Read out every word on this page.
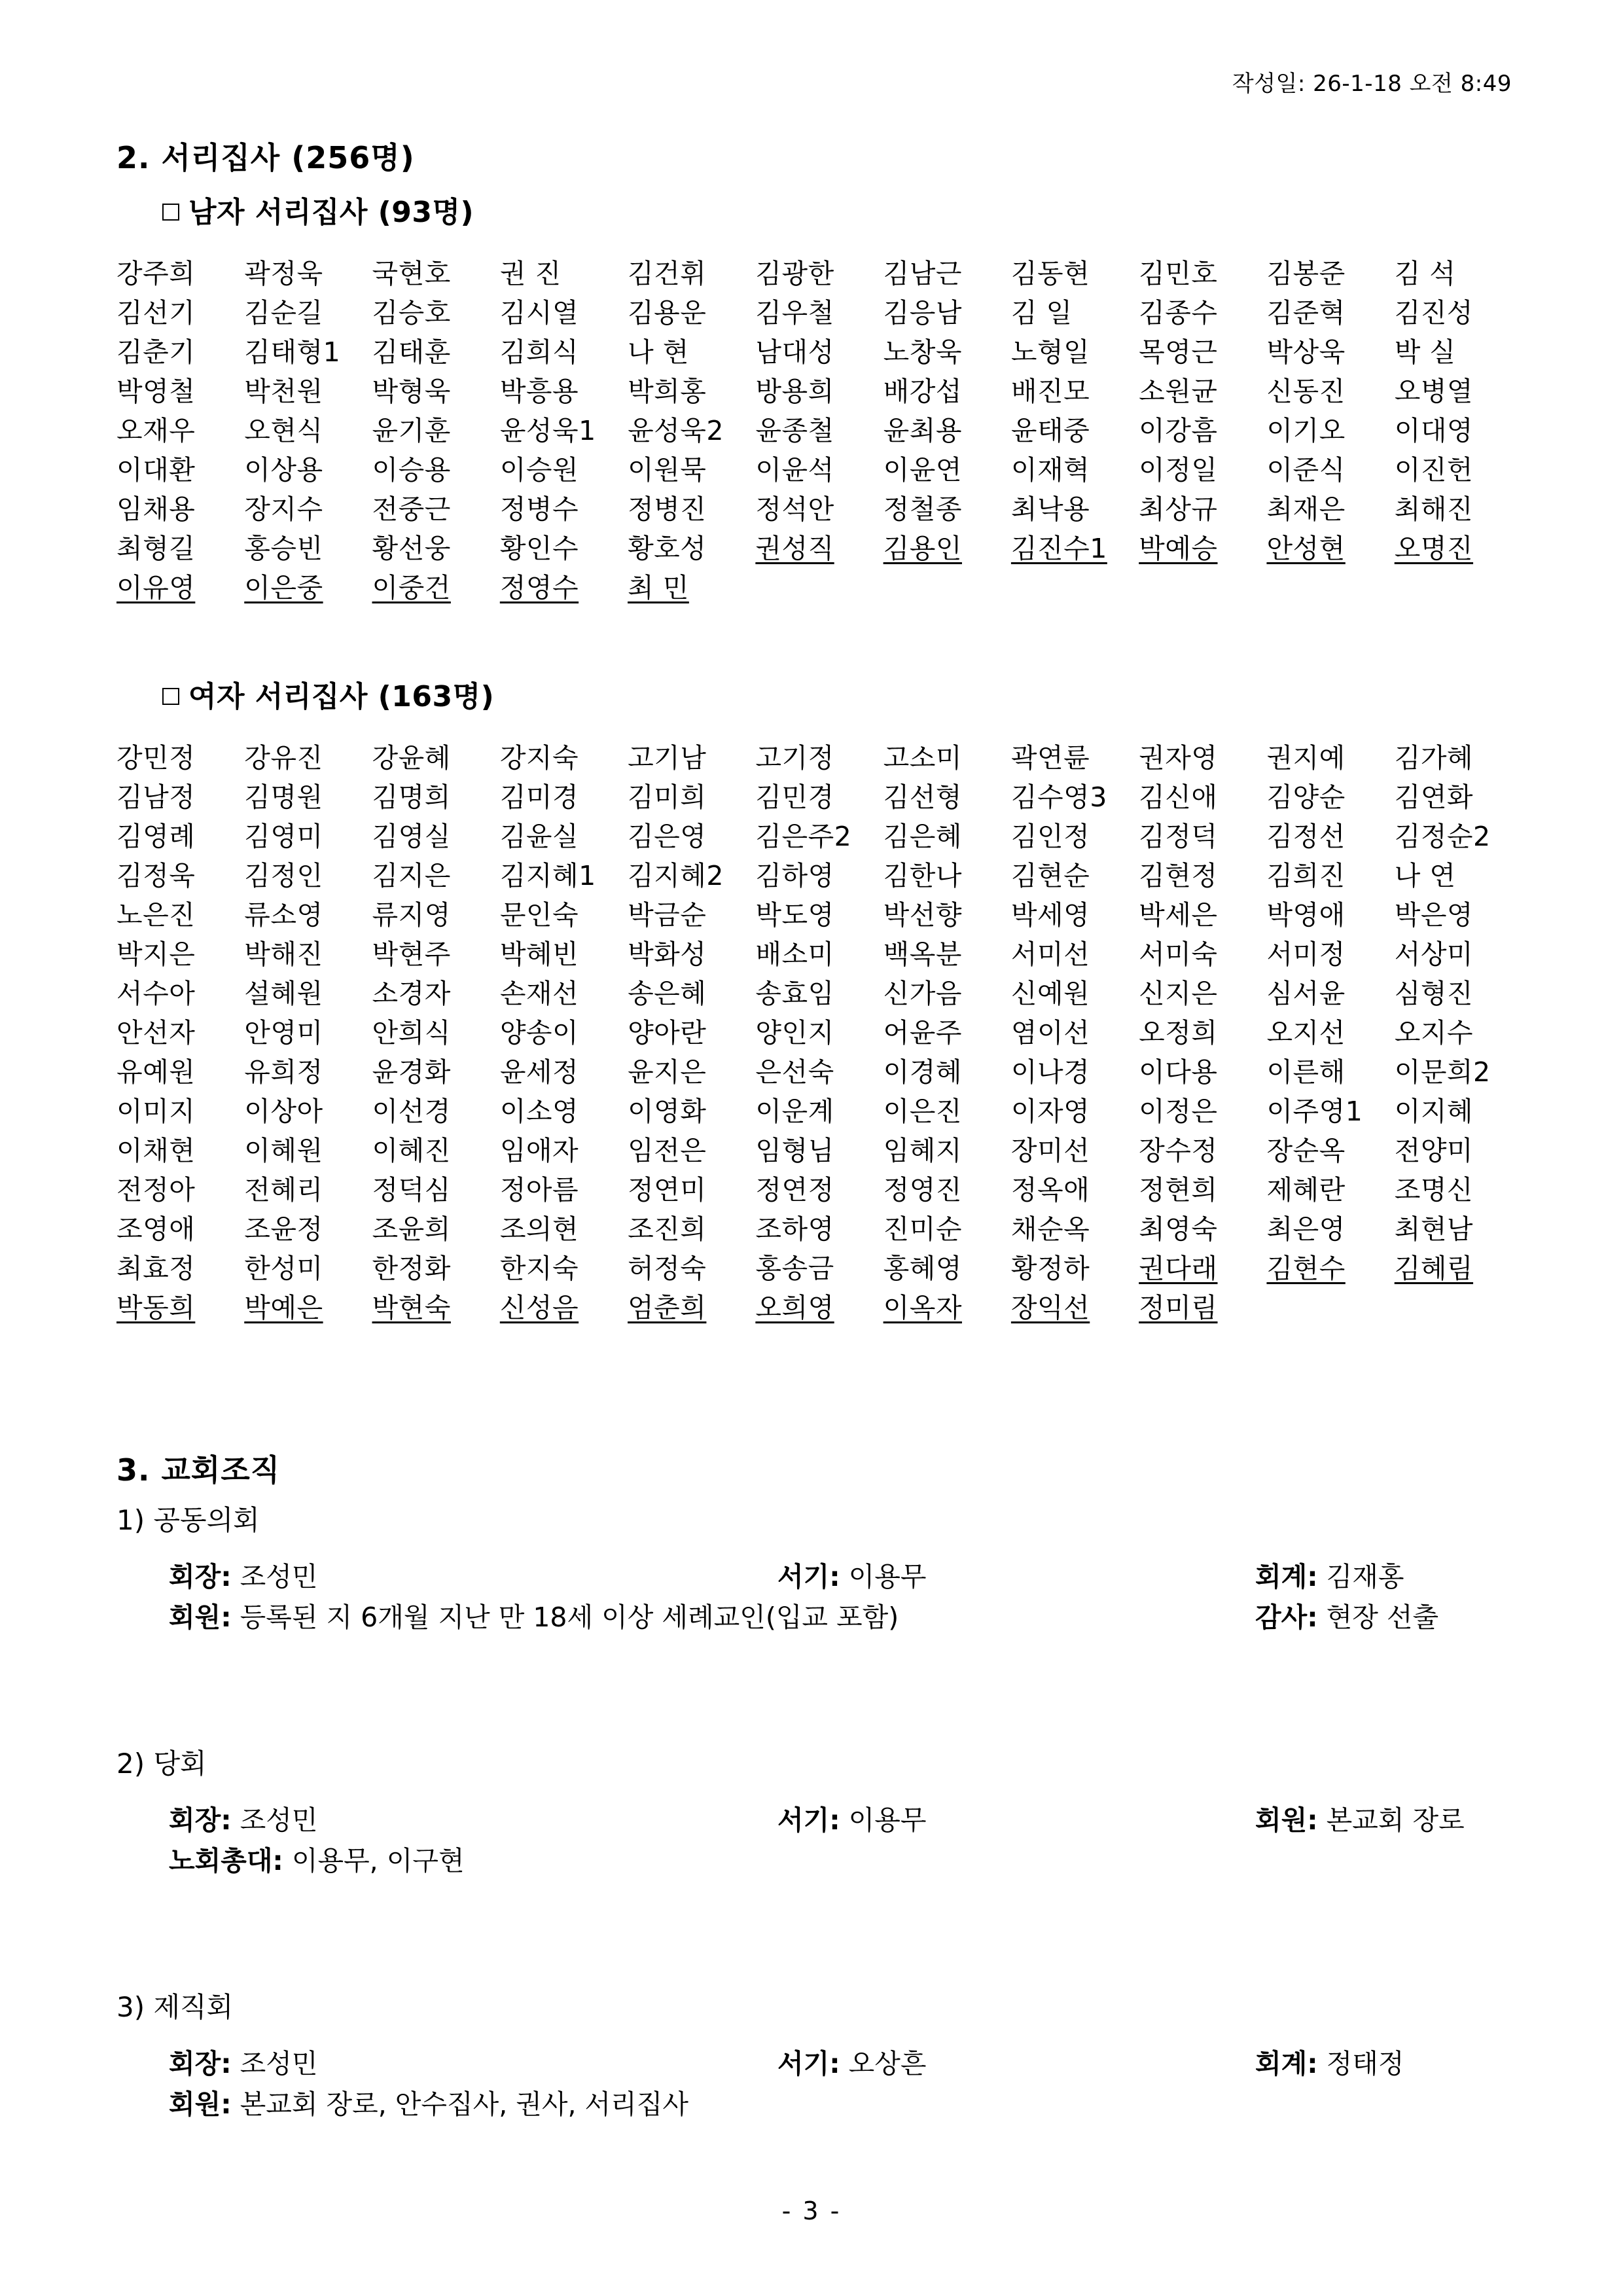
작성일: 26-1-18 오전 8:49
2. 서리집사 (256명)
남자 서리집사 (93명)
강주희	곽정욱	국현호	권 진	김건휘	김광한	김남근	김동현	김민호	김봉준	김 석
김선기	김순길	김승호	김시열	김용운	김우철	김응남	김 일	김종수	김준혁	김진성
김춘기	김태형1	김태훈	김희식	나 현	남대성	노창욱	노형일	목영근	박상욱	박 실
박영철	박천원	박형욱	박흥용	박희홍	방용희	배강섭	배진모	소원균	신동진	오병열
오재우	오현식	윤기훈	윤성욱1	윤성욱2	윤종철	윤최용	윤태중	이강흠	이기오	이대영
이대환	이상용	이승용	이승원	이원묵	이윤석	이윤연	이재혁	이정일	이준식	이진헌
임채용	장지수	전중근	정병수	정병진	정석안	정철종	최낙용	최상규	최재은	최해진
최형길	홍승빈	황선웅	황인수	황호성	권성직	김용인	김진수1	박예승	안성현	오명진
이유영	이은중	이중건	정영수	최 민

여자 서리집사 (163명)
강민정	강유진	강윤혜	강지숙	고기남	고기정	고소미	곽연륜	권자영	권지예	김가혜
김남정	김명원	김명희	김미경	김미희	김민경	김선형	김수영3	김신애	김양순	김연화
김영례	김영미	김영실	김윤실	김은영	김은주2	김은혜	김인정	김정덕	김정선	김정순2
김정욱	김정인	김지은	김지혜1	김지혜2	김하영	김한나	김현순	김현정	김희진	나 연
노은진	류소영	류지영	문인숙	박금순	박도영	박선향	박세영	박세은	박영애	박은영
박지은	박해진	박현주	박혜빈	박화성	배소미	백옥분	서미선	서미숙	서미정	서상미
서수아	설혜원	소경자	손재선	송은혜	송효임	신가음	신예원	신지은	심서윤	심형진
안선자	안영미	안희식	양송이	양아란	양인지	어윤주	염이선	오정희	오지선	오지수
유예원	유희정	윤경화	윤세정	윤지은	은선숙	이경혜	이나경	이다용	이른해	이문희2
이미지	이상아	이선경	이소영	이영화	이운계	이은진	이자영	이정은	이주영1	이지혜
이채현	이혜원	이혜진	임애자	임전은	임형님	임혜지	장미선	장수정	장순옥	전양미
전정아	전혜리	정덕심	정아름	정연미	정연정	정영진	정옥애	정현희	제혜란	조명신
조영애	조윤정	조윤희	조의현	조진희	조하영	진미순	채순옥	최영숙	최은영	최현남
최효정	한성미	한정화	한지숙	허정숙	홍송금	홍혜영	황정하	권다래	김현수	김혜림
박동희	박예은	박현숙	신성음	엄춘희	오희영	이옥자	장익선	정미림

3. 교회조직
1) 공동의회
회장: 조성민	서기: 이용무	회계: 김재홍
회원: 등록된 지 6개월 지난 만 18세 이상 세례교인(입교 포함)	감사: 현장 선출
2) 당회
회장: 조성민	서기: 이용무	회원: 본교회 장로
노회총대: 이용무, 이구현
3) 제직회
회장: 조성민	서기: 오상흔	회계: 정태정
회원: 본교회 장로, 안수집사, 권사, 서리집사
- 3 -
